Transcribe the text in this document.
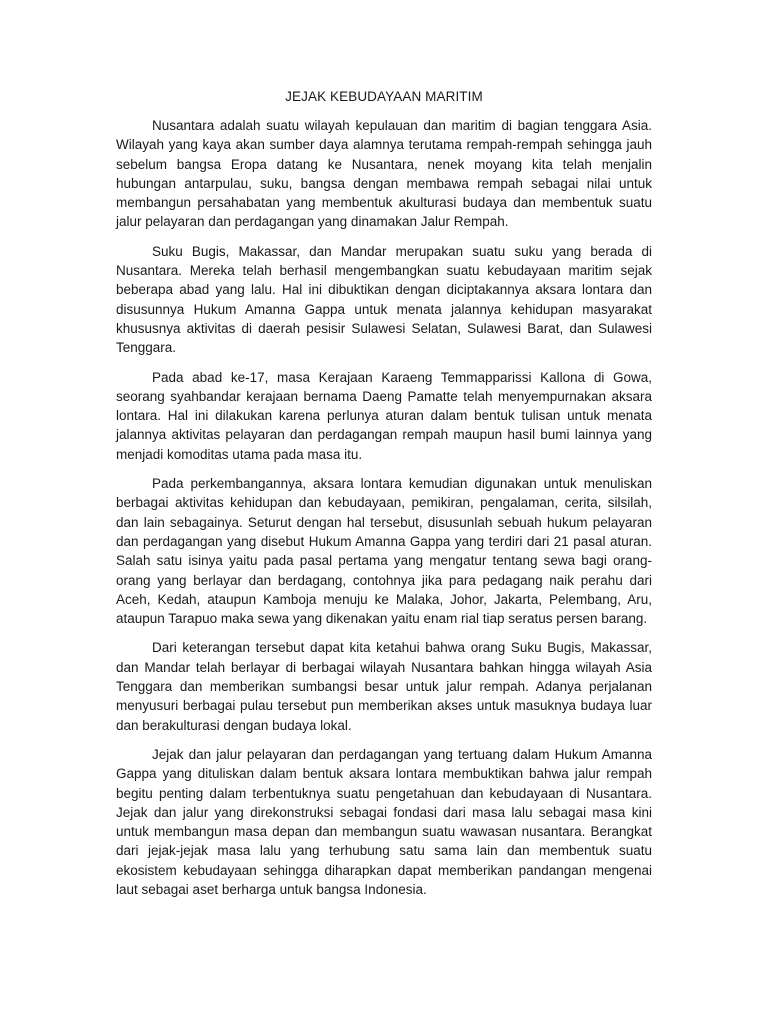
JEJAK KEBUDAYAAN MARITIM

Nusantara adalah suatu wilayah kepulauan dan maritim di bagian tenggara Asia. Wilayah yang kaya akan sumber daya alamnya terutama rempah-rempah sehingga jauh sebelum bangsa Eropa datang ke Nusantara, nenek moyang kita telah menjalin hubungan antarpulau, suku, bangsa dengan membawa rempah sebagai nilai untuk membangun persahabatan yang membentuk akulturasi budaya dan membentuk suatu jalur pelayaran dan perdagangan yang dinamakan Jalur Rempah.

Suku Bugis, Makassar, dan Mandar merupakan suatu suku yang berada di Nusantara. Mereka telah berhasil mengembangkan suatu kebudayaan maritim sejak beberapa abad yang lalu. Hal ini dibuktikan dengan diciptakannya aksara lontara dan disusunnya Hukum Amanna Gappa untuk menata jalannya kehidupan masyarakat khususnya aktivitas di daerah pesisir Sulawesi Selatan, Sulawesi Barat, dan Sulawesi Tenggara.

Pada abad ke-17, masa Kerajaan Karaeng Temmapparissi Kallona di Gowa, seorang syahbandar kerajaan bernama Daeng Pamatte telah menyempurnakan aksara lontara. Hal ini dilakukan karena perlunya aturan dalam bentuk tulisan untuk menata jalannya aktivitas pelayaran dan perdagangan rempah maupun hasil bumi lainnya yang menjadi komoditas utama pada masa itu.

Pada perkembangannya, aksara lontara kemudian digunakan untuk menuliskan berbagai aktivitas kehidupan dan kebudayaan, pemikiran, pengalaman, cerita, silsilah, dan lain sebagainya. Seturut dengan hal tersebut, disusunlah sebuah hukum pelayaran dan perdagangan yang disebut Hukum Amanna Gappa yang terdiri dari 21 pasal aturan. Salah satu isinya yaitu pada pasal pertama yang mengatur tentang sewa bagi orang-orang yang berlayar dan berdagang, contohnya jika para pedagang naik perahu dari Aceh, Kedah, ataupun Kamboja menuju ke Malaka, Johor, Jakarta, Pelembang, Aru, ataupun Tarapuo maka sewa yang dikenakan yaitu enam rial tiap seratus persen barang.

Dari keterangan tersebut dapat kita ketahui bahwa orang Suku Bugis, Makassar, dan Mandar telah berlayar di berbagai wilayah Nusantara bahkan hingga wilayah Asia Tenggara dan memberikan sumbangsi besar untuk jalur rempah. Adanya perjalanan menyusuri berbagai pulau tersebut pun memberikan akses untuk masuknya budaya luar dan berakulturasi dengan budaya lokal.

Jejak dan jalur pelayaran dan perdagangan yang tertuang dalam Hukum Amanna Gappa yang dituliskan dalam bentuk aksara lontara membuktikan bahwa jalur rempah begitu penting dalam terbentuknya suatu pengetahuan dan kebudayaan di Nusantara. Jejak dan jalur yang direkonstruksi sebagai fondasi dari masa lalu sebagai masa kini untuk membangun masa depan dan membangun suatu wawasan nusantara. Berangkat dari jejak-jejak masa lalu yang terhubung satu sama lain dan membentuk suatu ekosistem kebudayaan sehingga diharapkan dapat memberikan pandangan mengenai laut sebagai aset berharga untuk bangsa Indonesia.
